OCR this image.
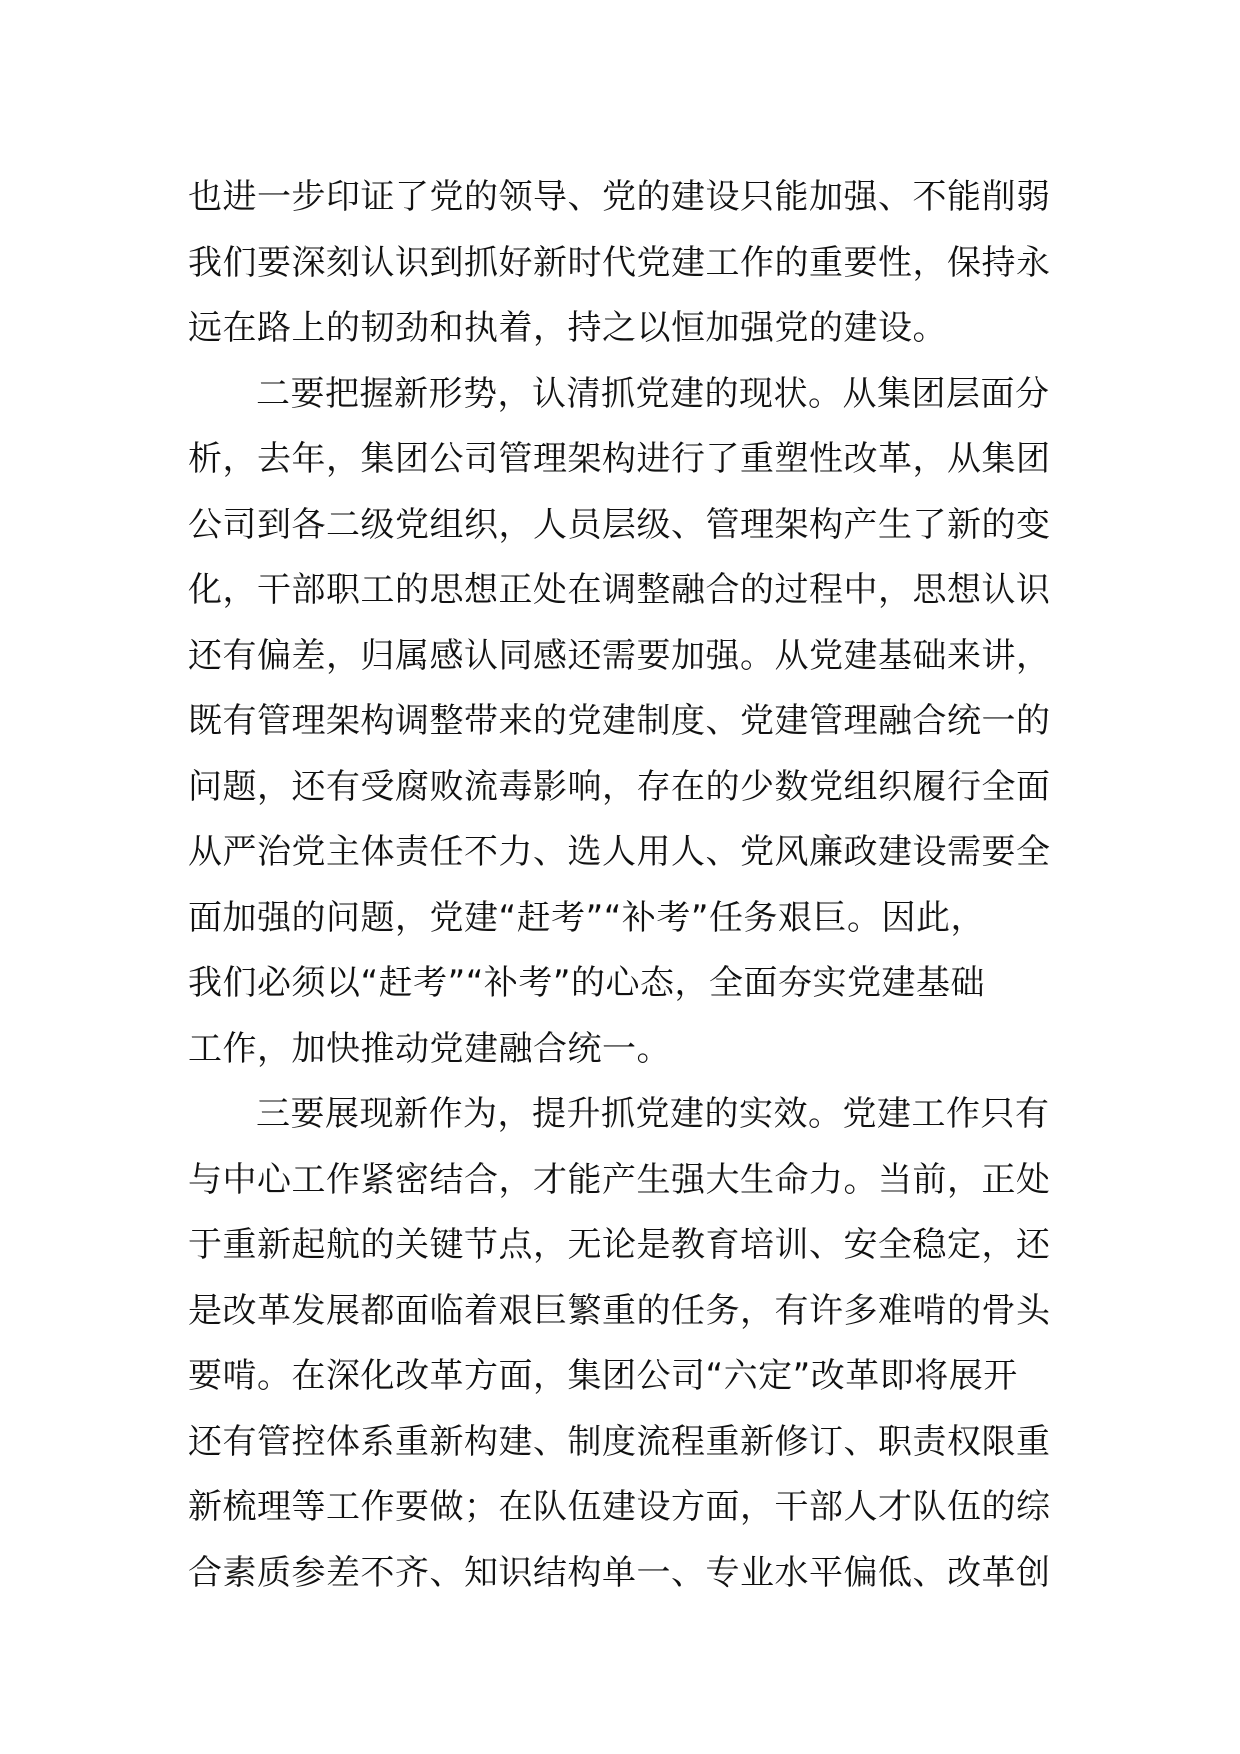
也进一步印证了党的领导、党的建设只能加强、不能削弱
我们要深刻认识到抓好新时代党建工作的重要性，保持永
远在路上的韧劲和执着，持之以恒加强党的建设。
二要把握新形势，认清抓党建的现状。从集团层面分
析，去年，集团公司管理架构进行了重塑性改革，从集团
公司到各二级党组织，人员层级、管理架构产生了新的变
化，干部职工的思想正处在调整融合的过程中，思想认识
还有偏差，归属感认同感还需要加强。从党建基础来讲，
既有管理架构调整带来的党建制度、党建管理融合统一的
问题，还有受腐败流毒影响，存在的少数党组织履行全面
从严治党主体责任不力、选人用人、党风廉政建设需要全
面加强的问题，党建“赶考”“补考”任务艰巨。因此，
我们必须以“赶考”“补考”的心态，全面夯实党建基础
工作，加快推动党建融合统一。
三要展现新作为，提升抓党建的实效。党建工作只有
与中心工作紧密结合，才能产生强大生命力。当前，正处
于重新起航的关键节点，无论是教育培训、安全稳定，还
是改革发展都面临着艰巨繁重的任务，有许多难啃的骨头
要啃。在深化改革方面，集团公司“六定”改革即将展开
还有管控体系重新构建、制度流程重新修订、职责权限重
新梳理等工作要做；在队伍建设方面，干部人才队伍的综
合素质参差不齐、知识结构单一、专业水平偏低、改革创
